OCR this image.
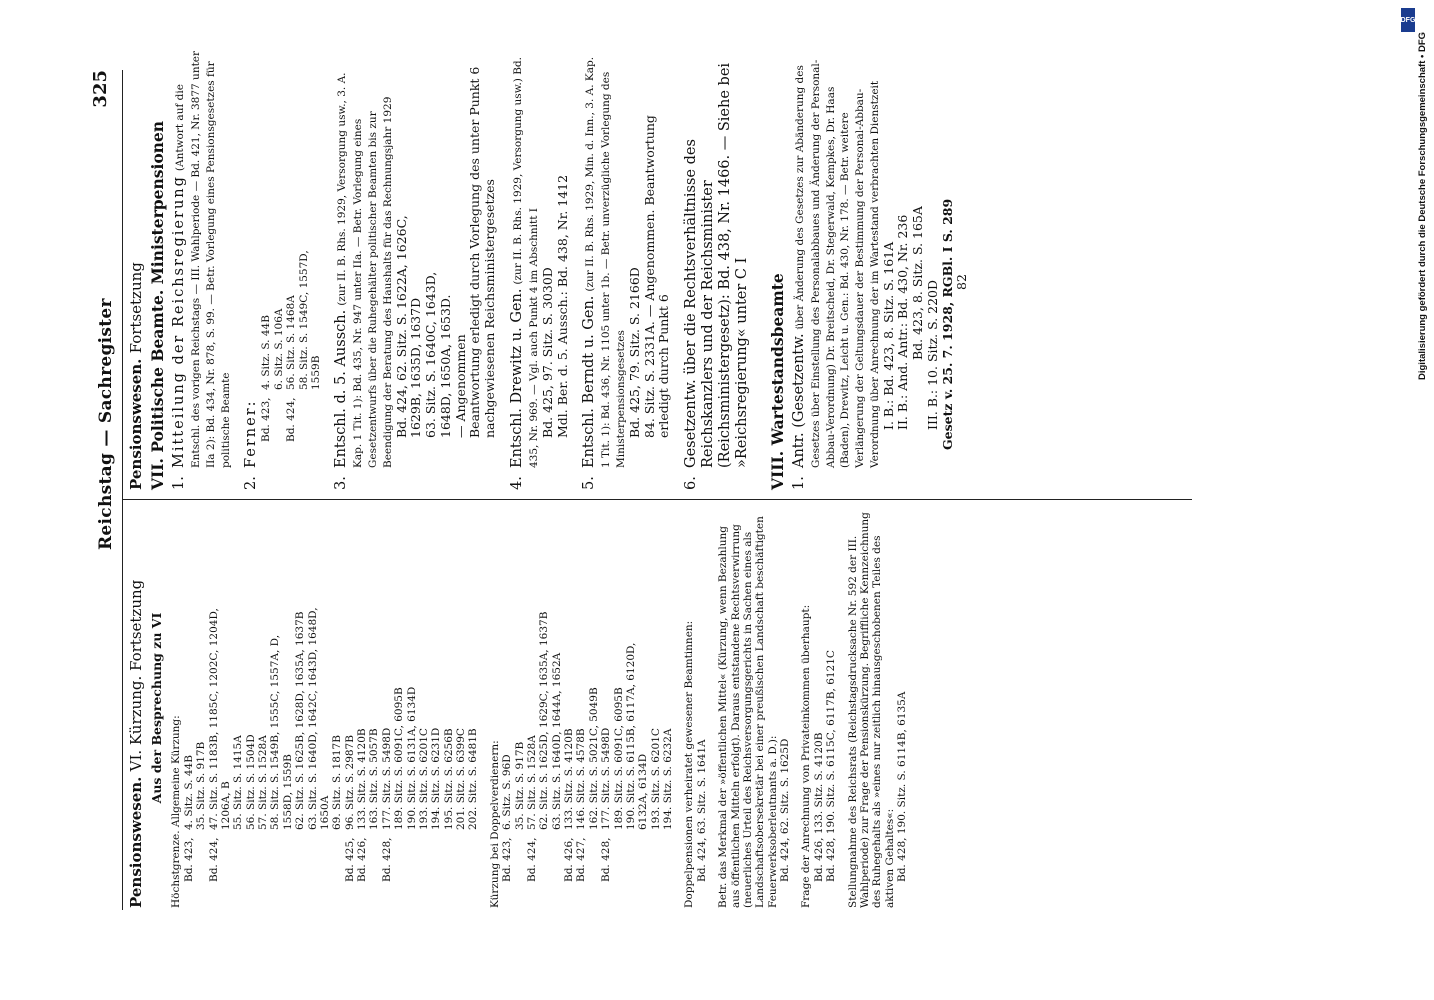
Reichstag — Sachregister
325
Pensionswesen. VI. Kürzung. Fortsetzung Aus der Besprechung zu VI
Höchstgrenze. Allgemeine Kürzung: Bd. 423,
4. Sitz. S. 44B 35. Sitz. S. 917B
Bd. 424,
47. Sitz. S. 1183B, 1185C, 1202C, 1204D, 1206A, B 55. Sitz. S. 1415A 56. Sitz. S. 1504D 57. Sitz. S. 1528A 58. Sitz. S. 1549B, 1555C, 1557A, D, 1558D, 1559B 62. Sitz. S. 1625B, 1628D, 1635A, 1637B 63. Sitz. S. 1640D, 1642C, 1643D, 1648D, 1650A 69. Sitz. S. 1817B
Bd. 425,
96. Sitz. S. 2987B
Bd. 426,
133. Sitz. S. 4120B 163. Sitz. S. 5057B
Bd. 428,
177. Sitz. S. 5498D 189. Sitz. S. 6091C, 6095B 190. Sitz. S. 6131A, 6134D 193. Sitz. S. 6201C 194. Sitz. S. 6231D 195. Sitz. S. 6256B 201. Sitz. S. 6399C 202. Sitz. S. 6481B Kürzung bei Doppelverdienern: Bd. 423,
6. Sitz. S. 96D 35. Sitz. S. 917B
Bd. 424,
57. Sitz. S. 1528A 62. Sitz. S. 1625D, 1629C, 1635A, 1637B 63. Sitz. S. 1640D, 1644A, 1652A
Bd. 426,
133. Sitz. S. 4120B
Bd. 427,
146. Sitz. S. 4578B 162. Sitz. S. 5021C, 5049B
Bd. 428,
177. Sitz. S. 5498D 189. Sitz. S. 6091C, 6095B 190. Sitz. S. 6115B, 6117A, 6120D, 6132A, 6134D 193. Sitz. S. 6201C 194. Sitz. S. 6232A Doppelpensionen verheiratet gewesener Beamtinnen: Bd. 424, 63. Sitz. S. 1641A Betr. das Merkmal der »öffentlichen Mittel« (Kürzung, wenn Bezahlung aus öffentlichen Mitteln erfolgt). Daraus entstandene Rechtsverwirrung (neuerliches Urteil des Reichsversorgungsgerichts in Sachen eines als Landschaftsobersekretär bei einer preußischen Landschaft beschäftigten Feuerwerksoberleutnants a. D.): Bd. 424, 62. Sitz. S. 1625D Frage der Anrechnung von Privateinkommen überhaupt: Bd. 426, 133. Sitz. S. 4120B Bd. 428, 190. Sitz. S. 6115C, 6117B, 6121C Stellungnahme des Reichsrats (Reichstagsdrucksache Nr. 592 der III. Wahlperiode) zur Frage der Pensionskürzung. Begriffliche Kennzeichnung des Ruhegehalts als »eines nur zeitlich hinausgeschobenen Teiles des aktiven Gehaltes«: Bd. 428, 190. Sitz. S. 6114B, 6135A
Pensionswesen. Fortsetzung VII. Politische Beamte. Ministerpensionen 1.
Mitteilung der Reichsregierung (Antwort auf die Entschl. des vorigen Reichstags — III. Wahlperiode — Bd. 421, Nr. 3877 unter IIa 2): Bd. 434, Nr. 878, S. 99. — Betr. Vorlegung eines Pensionsgesetzes für politische Beamte
2.
Ferner: Bd. 423,
4. Sitz. S. 44B 6. Sitz. S. 106A
Bd. 424,
56. Sitz. S. 1468A 58. Sitz. S. 1549C, 1557D, 1559B
3.
Entschl. d. 5. Aussch. (zur II. B. Rhs. 1929, Versorgung usw., 3. A. Kap. 1 Tit. 1): Bd. 435, Nr. 947 unter IIa. — Betr. Vorlegung eines Gesetzentwurfs über die Ruhegehälter politischer Beamten bis zur Beendigung der Beratung des Haushalts für das Rechnungsjahr 1929 Bd. 424, 62. Sitz. S. 1622A, 1626C, 1629B, 1635D, 1637D 63. Sitz. S. 1640C, 1643D, 1648D, 1650A, 1653D. — Angenommen Beantwortung erledigt durch Vorlegung des unter Punkt 6 nachgewiesenen Reichsministergesetzes
4.
Entschl. Drewitz u. Gen. (zur II. B. Rhs. 1929, Versorgung usw.) Bd. 435, Nr. 969. — Vgl. auch Punkt 4 im Abschnitt I Bd. 425, 97. Sitz. S. 3030D Mdl. Ber. d. 5. Aussch.: Bd. 438, Nr. 1412
5.
Entschl. Berndt u. Gen. (zur II. B. Rhs. 1929, Min. d. Inn., 3. A. Kap. 1 Tit. 1): Bd. 436, Nr. 1105 unter 1b. — Betr. unverzügliche Vorlegung des Ministerpensionsgesetzes Bd. 425, 79. Sitz. S. 2166D 84. Sitz. S. 2331A. — Angenommen. Beantwortung erledigt durch Punkt 6
6.
Gesetzentw. über die Rechtsverhältnisse des Reichskanzlers und der Reichsminister (Reichsministergesetz): Bd. 438, Nr. 1466. — Siehe bei »Reichsregierung« unter C I VIII. Wartestandsbeamte 1.
Antr. (Gesetzentw. über Änderung des Gesetzes zur Abänderung des Gesetzes über Einstellung des Personalabbaues und Änderung der Personal-Abbau-Verordnung) Dr. Breitscheid, Dr. Stegerwald, Kempkes, Dr. Haas (Baden), Drewitz, Leicht u. Gen.: Bd. 430, Nr. 178. — Betr. weitere Verlängerung der Geltungsdauer der Bestimmung der Personal-Abbau-Verordnung über Anrechnung der im Wartestand verbrachten Dienstzeit I. B.: Bd. 423, 8. Sitz. S. 161A II. B.: And. Antr.: Bd. 430, Nr. 236 Bd. 423, 8. Sitz. S. 165A III. B.: 10. Sitz. S. 220D Gesetz v. 25. 7. 1928, RGBl. I S. 289 82
DFG
Digitalisierung gefördert durch die Deutsche Forschungsgemeinschaft • DFG
